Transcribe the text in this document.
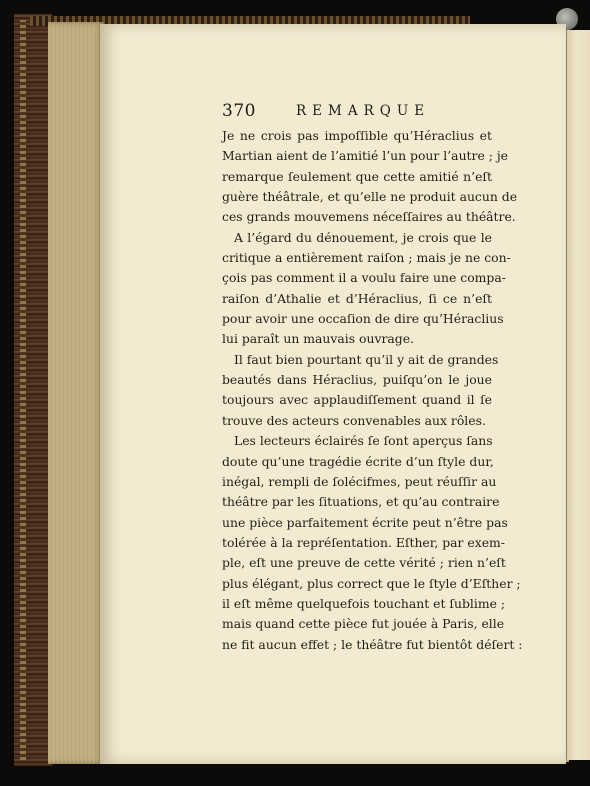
370	REMARQUE
Je ne crois pas impoſſible qu’Héraclius et
Martian aient de l’amitié l’un pour l’autre ; je
remarque ſeulement que cette amitié n’eſt
guère théâtrale, et qu’elle ne produit aucun de
ces grands mouvemens néceſſaires au théâtre.
A l’égard du dénouement, je crois que le
critique a entièrement raiſon ; mais je ne con-
çois pas comment il a voulu faire une compa-
raiſon d’Athalie et d’Héraclius, ſi ce n’eſt
pour avoir une occaſion de dire qu’Héraclius
lui paraît un mauvais ouvrage.
Il faut bien pourtant qu’il y ait de grandes
beautés dans Héraclius, puiſqu’on le joue
toujours avec applaudiſſement quand il ſe
trouve des acteurs convenables aux rôles.
Les lecteurs éclairés ſe ſont aperçus ſans
doute qu’une tragédie écrite d’un ſtyle dur,
inégal, rempli de ſolécifmes, peut réuſſir au
théâtre par les ſituations, et qu’au contraire
une pièce parfaitement écrite peut n’être pas
tolérée à la repréſentation. Eſther, par exem-
ple, eſt une preuve de cette vérité ; rien n’eſt
plus élégant, plus correct que le ſtyle d’Eſther ;
il eſt même quelquefois touchant et ſublime ;
mais quand cette pièce fut jouée à Paris, elle
ne fit aucun effet ; le théâtre fut bientôt déſert :
